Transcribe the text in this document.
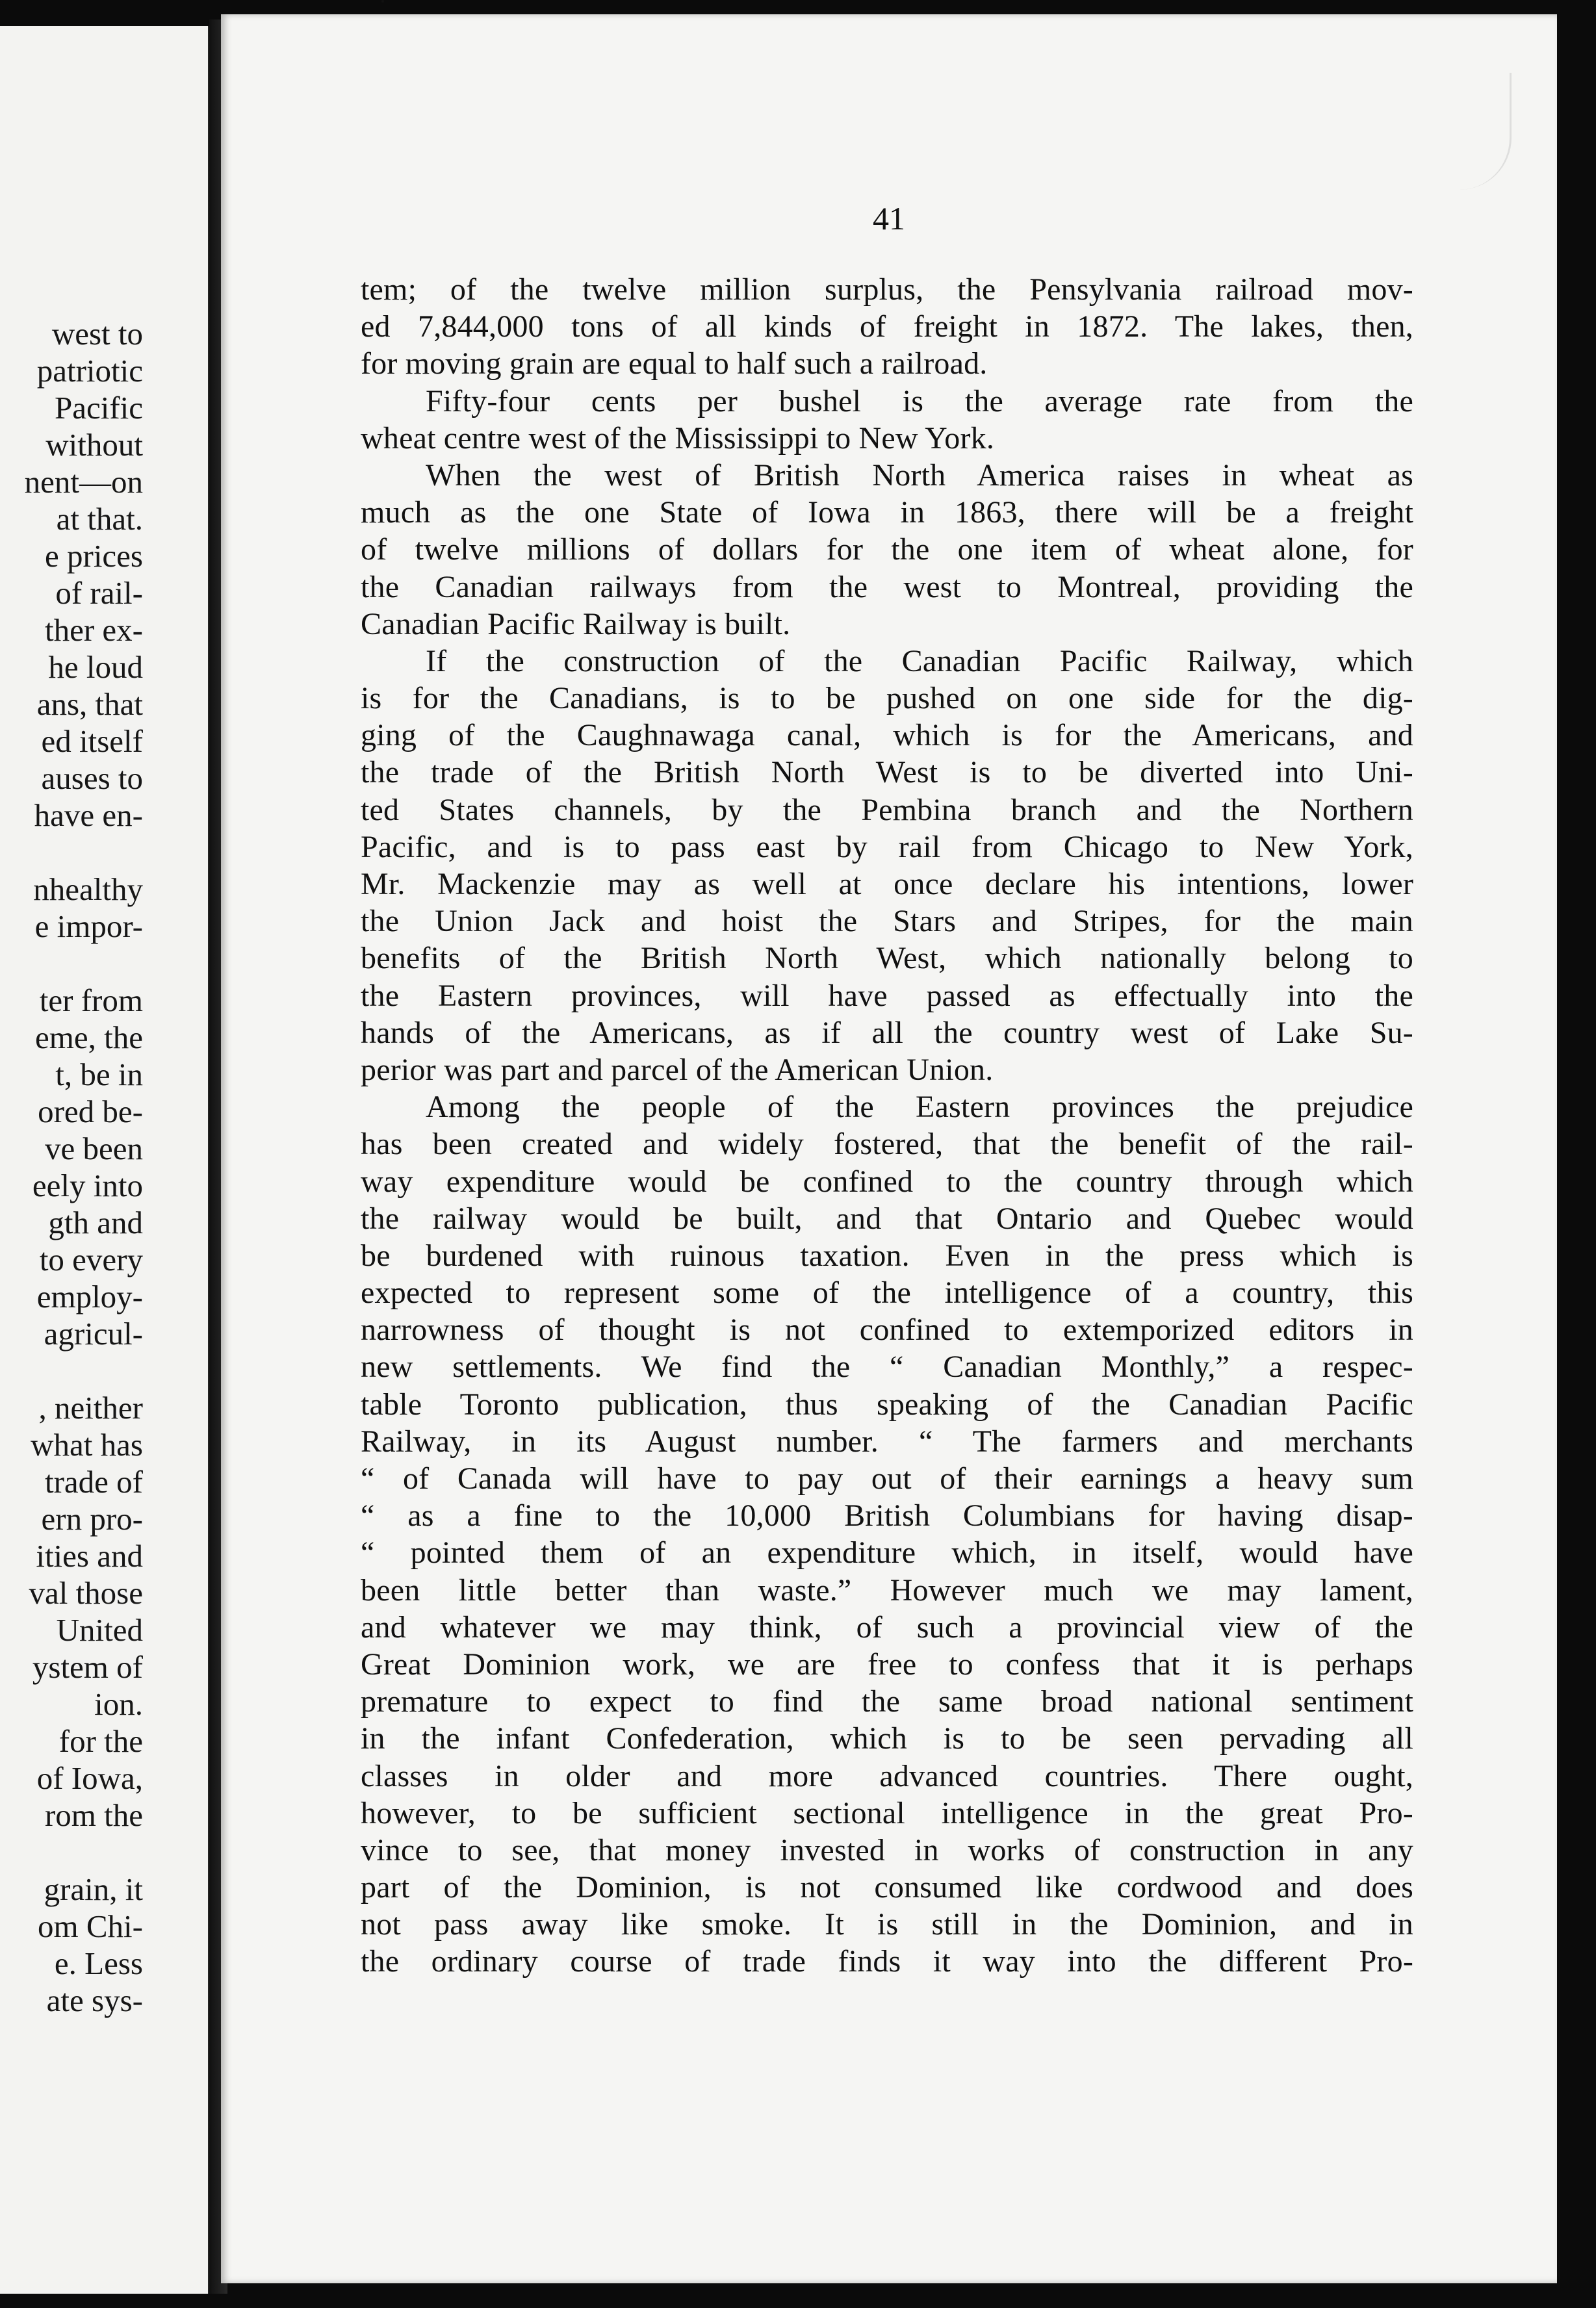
west to
patriotic
Pacific
without
nent—on
at that.
e prices
of rail-
ther ex-
he loud
ans, that
ed itself
auses to
have en-
nhealthy
e impor-
ter from
eme, the
t, be in
ored be-
ve been
eely into
gth and
to every
employ-
agricul-
, neither
what has
trade of
ern pro-
ities and
val those
United
ystem of
ion.
for the
of Iowa,
rom the
grain, it
om Chi-
e. Less
ate sys-

41

tem; of the twelve million surplus, the Pensylvania railroad mov-
ed 7,844,000 tons of all kinds of freight in 1872. The lakes, then,
for moving grain are equal to half such a railroad.
Fifty-four cents per bushel is the average rate from the
wheat centre west of the Mississippi to New York.
When the west of British North America raises in wheat as
much as the one State of Iowa in 1863, there will be a freight
of twelve millions of dollars for the one item of wheat alone, for
the Canadian railways from the west to Montreal, providing the
Canadian Pacific Railway is built.
If the construction of the Canadian Pacific Railway, which
is for the Canadians, is to be pushed on one side for the dig-
ging of the Caughnawaga canal, which is for the Americans, and
the trade of the British North West is to be diverted into Uni-
ted States channels, by the Pembina branch and the Northern
Pacific, and is to pass east by rail from Chicago to New York,
Mr. Mackenzie may as well at once declare his intentions, lower
the Union Jack and hoist the Stars and Stripes, for the main
benefits of the British North West, which nationally belong to
the Eastern provinces, will have passed as effectually into the
hands of the Americans, as if all the country west of Lake Su-
perior was part and parcel of the American Union.
Among the people of the Eastern provinces the prejudice
has been created and widely fostered, that the benefit of the rail-
way expenditure would be confined to the country through which
the railway would be built, and that Ontario and Quebec would
be burdened with ruinous taxation. Even in the press which is
expected to represent some of the intelligence of a country, this
narrowness of thought is not confined to extemporized editors in
new settlements. We find the “ Canadian Monthly,” a respec-
table Toronto publication, thus speaking of the Canadian Pacific
Railway, in its August number. “ The farmers and merchants
“ of Canada will have to pay out of their earnings a heavy sum
“ as a fine to the 10,000 British Columbians for having disap-
“ pointed them of an expenditure which, in itself, would have
been little better than waste.” However much we may lament,
and whatever we may think, of such a provincial view of the
Great Dominion work, we are free to confess that it is perhaps
premature to expect to find the same broad national sentiment
in the infant Confederation, which is to be seen pervading all
classes in older and more advanced countries. There ought,
however, to be sufficient sectional intelligence in the great Pro-
vince to see, that money invested in works of construction in any
part of the Dominion, is not consumed like cordwood and does
not pass away like smoke. It is still in the Dominion, and in
the ordinary course of trade finds it way into the different Pro-
